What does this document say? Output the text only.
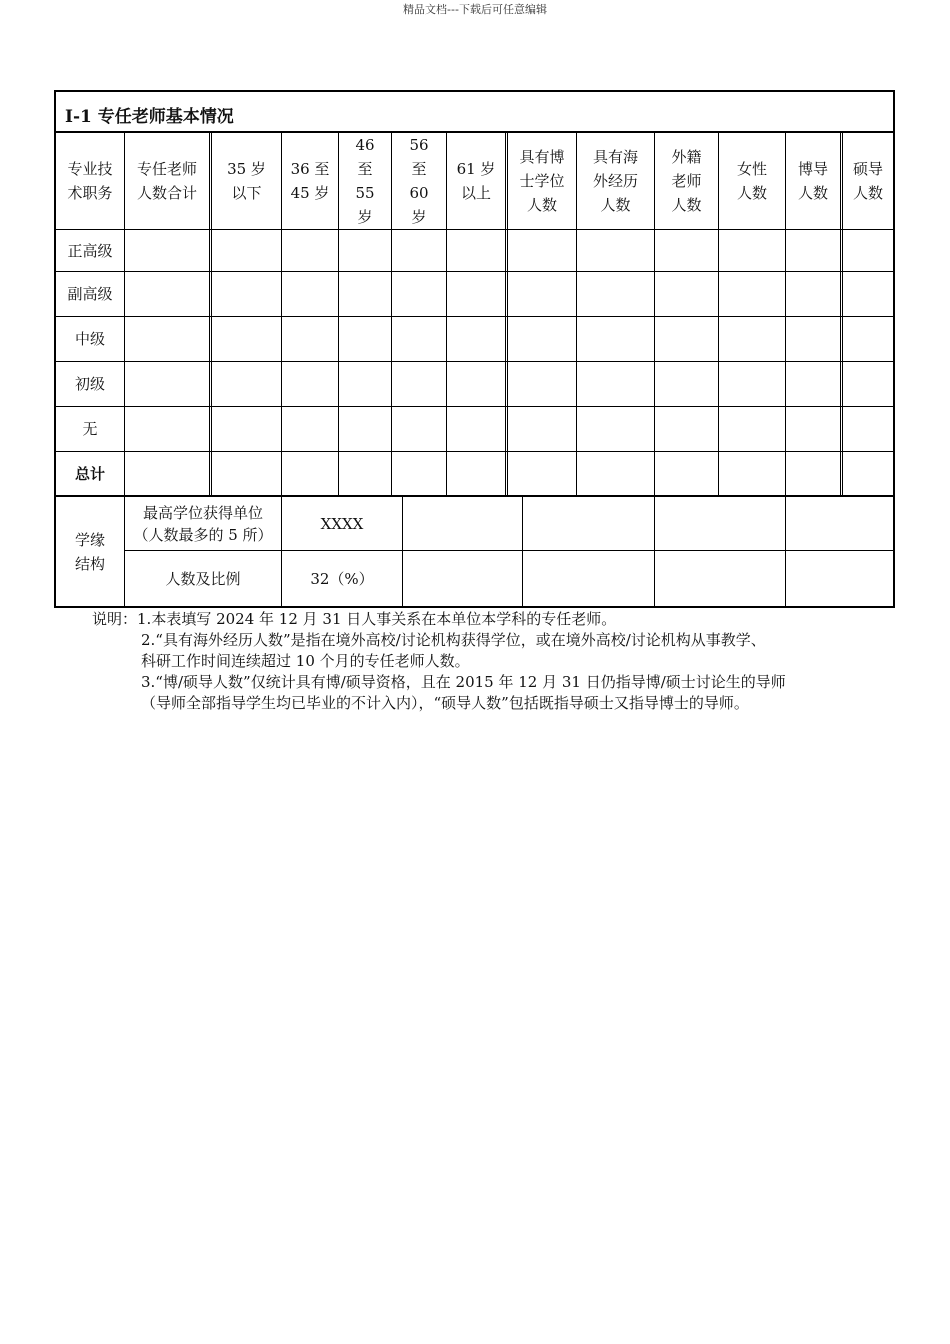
精品文档---下载后可任意编辑
I-1 专任老师基本情况
专业技
术职务
专任老师
人数合计
35 岁
以下
36 至
45 岁
46
至
55
岁
56
至
60
岁
61 岁
以上
具有博
士学位
人数
具有海
外经历
人数
外籍
老师
人数
女性
人数
博导
人数
硕导
人数
正高级
副高级
中级
初级
无
总计
学缘
结构
最高学位获得单位
（人数最多的 5 所）
XXXX
人数及比例	32（%）
说明：1.本表填写 2024 年 12 月 31 日人事关系在本单位本学科的专任老师。
2.“具有海外经历人数”是指在境外高校/讨论机构获得学位，或在境外高校/讨论机构从事教学、
科研工作时间连续超过 10 个月的专任老师人数。
3.“博/硕导人数”仅统计具有博/硕导资格，且在 2015 年 12 月 31 日仍指导博/硕士讨论生的导师
（导师全部指导学生均已毕业的不计入内），“硕导人数”包括既指导硕士又指导博士的导师。
